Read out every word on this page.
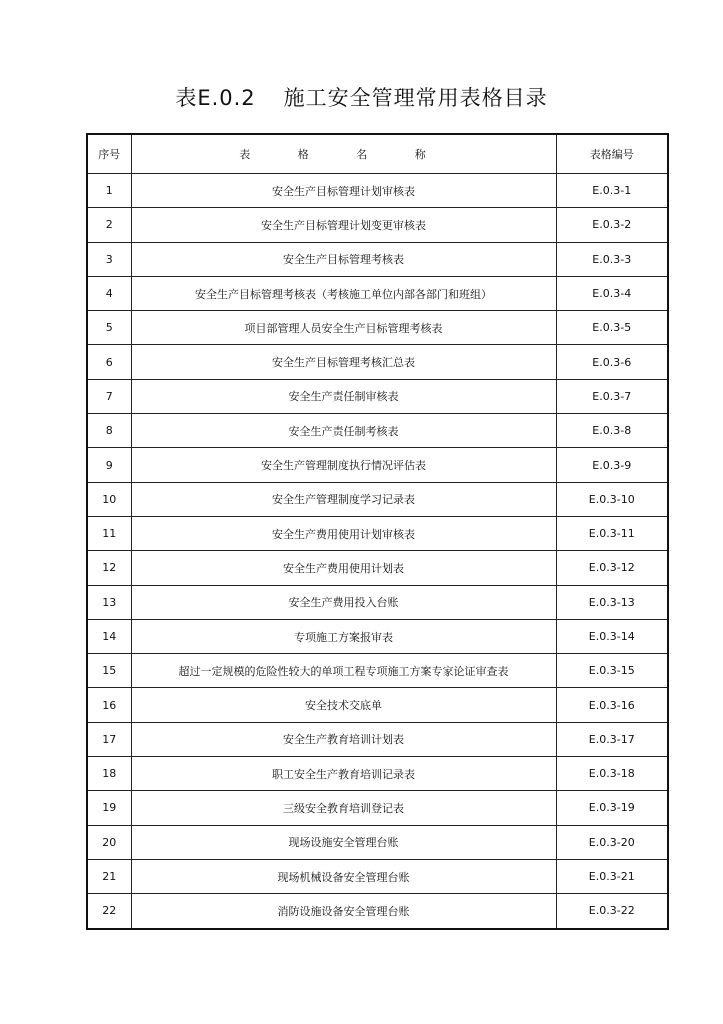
表E.0.2 施工安全管理常用表格目录
序号	表 格 名 称	表格编号
1	安全生产目标管理计划审核表	E.0.3-1
2	安全生产目标管理计划变更审核表	E.0.3-2
3	安全生产目标管理考核表	E.0.3-3
4	安全生产目标管理考核表（考核施工单位内部各部门和班组）	E.0.3-4
5	项目部管理人员安全生产目标管理考核表	E.0.3-5
6	安全生产目标管理考核汇总表	E.0.3-6
7	安全生产责任制审核表	E.0.3-7
8	安全生产责任制考核表	E.0.3-8
9	安全生产管理制度执行情况评估表	E.0.3-9
10	安全生产管理制度学习记录表	E.0.3-10
11	安全生产费用使用计划审核表	E.0.3-11
12	安全生产费用使用计划表	E.0.3-12
13	安全生产费用投入台账	E.0.3-13
14	专项施工方案报审表	E.0.3-14
15	超过一定规模的危险性较大的单项工程专项施工方案专家论证审查表	E.0.3-15
16	安全技术交底单	E.0.3-16
17	安全生产教育培训计划表	E.0.3-17
18	职工安全生产教育培训记录表	E.0.3-18
19	三级安全教育培训登记表	E.0.3-19
20	现场设施安全管理台账	E.0.3-20
21	现场机械设备安全管理台账	E.0.3-21
22	消防设施设备安全管理台账	E.0.3-22
